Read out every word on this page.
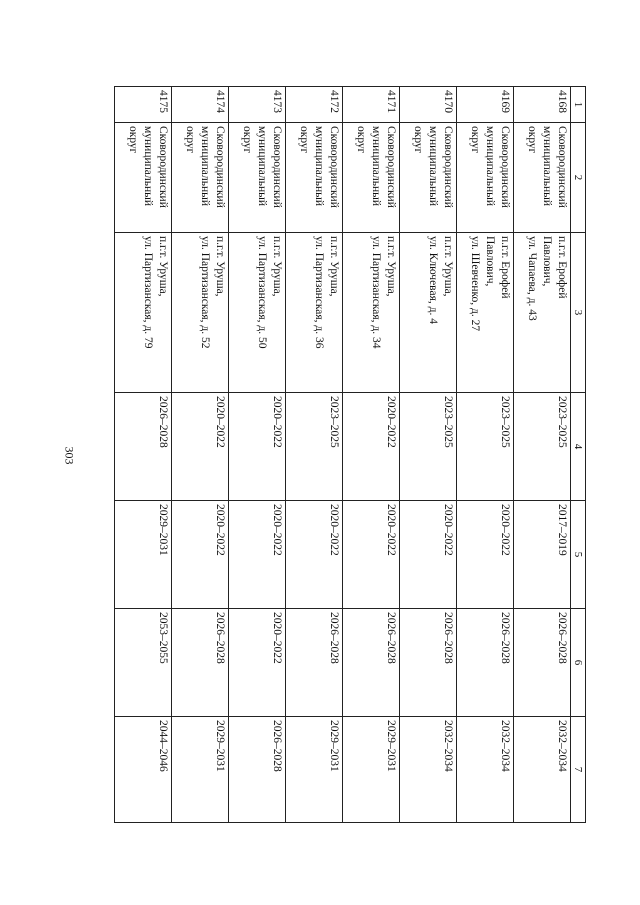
303
1	2	3	4	5	6	7
4168	Сковородинский
муниципальный
округ	п.г.т. Ерофей
Павлович,
ул. Чапаева, д. 43	2023–2025	2017–2019	2026–2028	2032–2034
4169	Сковородинский
муниципальный
округ	п.г.т. Ерофей
Павлович,
ул. Шевченко, д. 27	2023–2025	2020–2022	2026–2028	2032–2034
4170	Сковородинский
муниципальный
округ	п.г.т. Уруша,
ул. Ключевая, д. 4	2023–2025	2020–2022	2026–2028	2032–2034
4171	Сковородинский
муниципальный
округ	п.г.т. Уруша,
ул. Партизанская, д. 34	2020–2022	2020–2022	2026–2028	2029–2031
4172	Сковородинский
муниципальный
округ	п.г.т. Уруша,
ул. Партизанская, д. 36	2023–2025	2020–2022	2026–2028	2029–2031
4173	Сковородинский
муниципальный
округ	п.г.т. Уруша,
ул. Партизанская, д. 50	2020–2022	2020–2022	2020–2022	2026–2028
4174	Сковородинский
муниципальный
округ	п.г.т. Уруша,
ул. Партизанская, д. 52	2020–2022	2020–2022	2026–2028	2029–2031
4175	Сковородинский
муниципальный
округ	п.г.т. Уруша,
ул. Партизанская, д. 79	2026–2028	2029–2031	2053–2055	2044–2046
